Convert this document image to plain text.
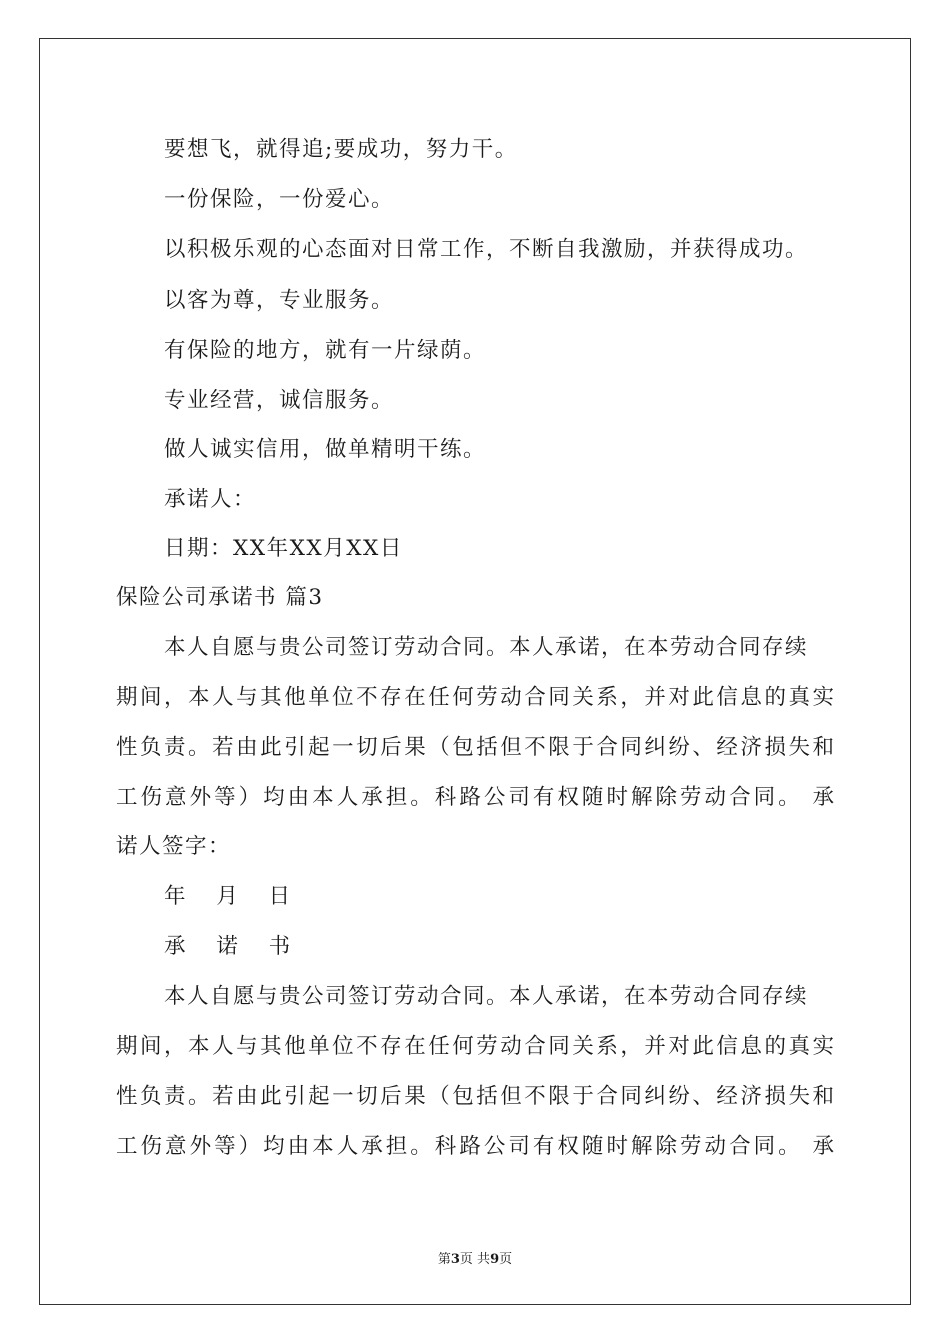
要想飞，就得追;要成功，努力干。

一份保险，一份爱心。

以积极乐观的心态面对日常工作，不断自我激励，并获得成功。

以客为尊，专业服务。

有保险的地方，就有一片绿荫。

专业经营，诚信服务。

做人诚实信用，做单精明干练。

承诺人：

日期：XX年XX月XX日

保险公司承诺书 篇3

本人自愿与贵公司签订劳动合同。本人承诺，在本劳动合同存续

期间，本人与其他单位不存在任何劳动合同关系，并对此信息的真实

性负责。若由此引起一切后果（包括但不限于合同纠纷、经济损失和

工伤意外等）均由本人承担。科路公司有权随时解除劳动合同。 承

诺人签字：

年 月 日

承 诺 书

本人自愿与贵公司签订劳动合同。本人承诺，在本劳动合同存续

期间，本人与其他单位不存在任何劳动合同关系，并对此信息的真实

性负责。若由此引起一切后果（包括但不限于合同纠纷、经济损失和

工伤意外等）均由本人承担。科路公司有权随时解除劳动合同。 承

第3页 共9页
